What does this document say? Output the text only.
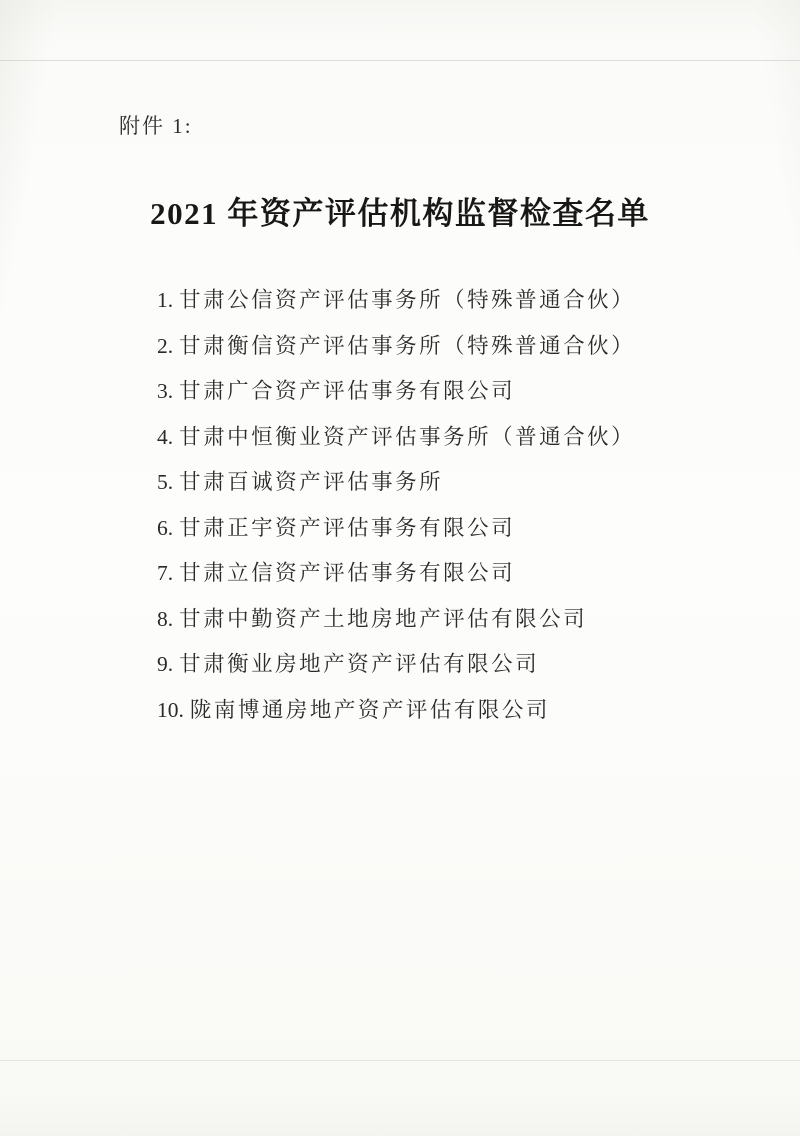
附件 1:
2021 年资产评估机构监督检查名单
1. 甘肃公信资产评估事务所（特殊普通合伙）
2. 甘肃衡信资产评估事务所（特殊普通合伙）
3. 甘肃广合资产评估事务有限公司
4. 甘肃中恒衡业资产评估事务所（普通合伙）
5. 甘肃百诚资产评估事务所
6. 甘肃正宇资产评估事务有限公司
7. 甘肃立信资产评估事务有限公司
8. 甘肃中勤资产土地房地产评估有限公司
9. 甘肃衡业房地产资产评估有限公司
10. 陇南博通房地产资产评估有限公司
